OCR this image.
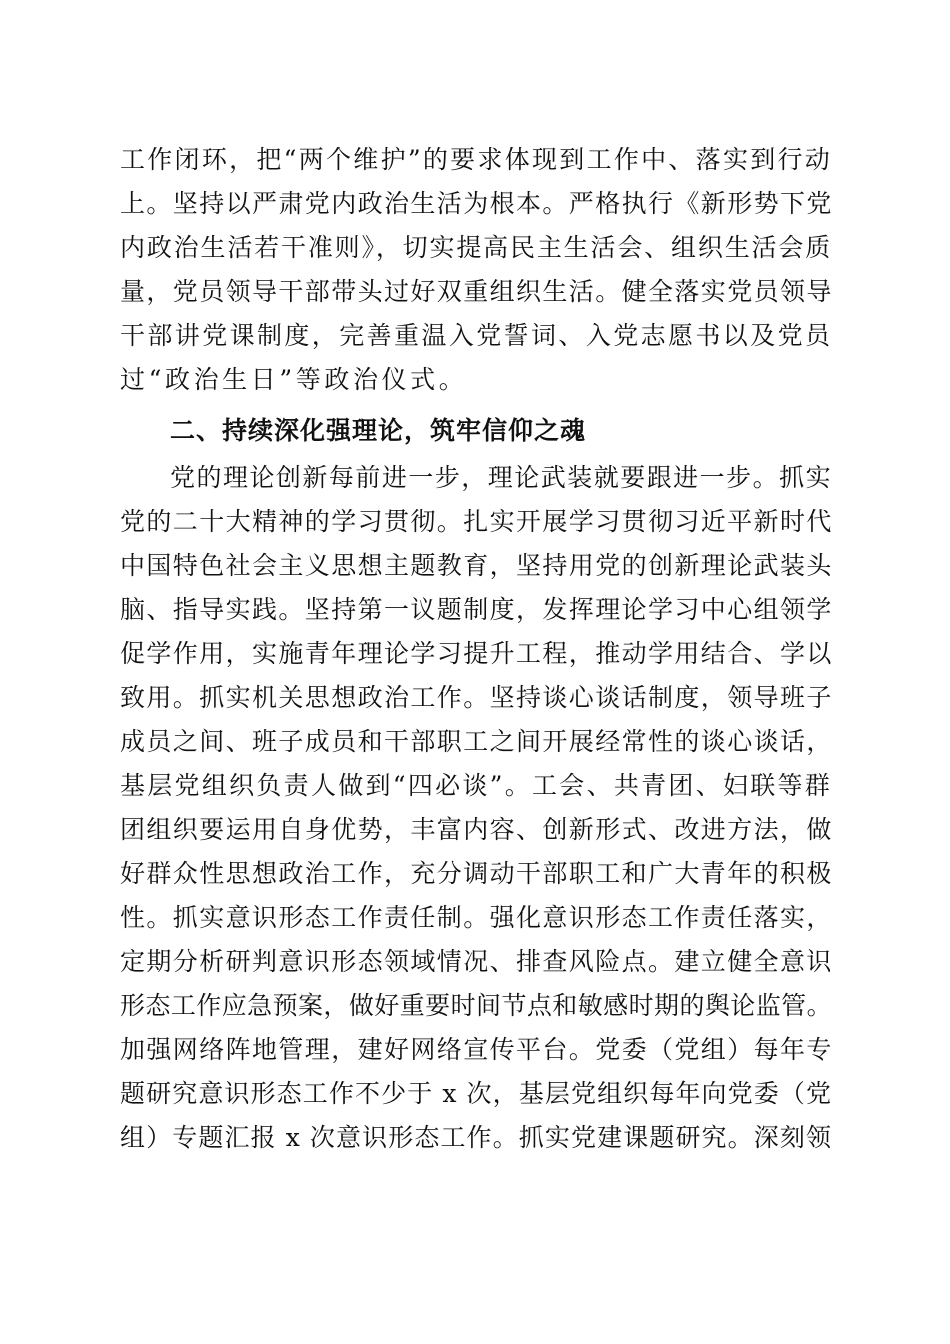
工作闭环，把“两个维护”的要求体现到工作中、落实到行动
上。坚持以严肃党内政治生活为根本。严格执行《新形势下党
内政治生活若干准则》，切实提高民主生活会、组织生活会质
量，党员领导干部带头过好双重组织生活。健全落实党员领导
干部讲党课制度，完善重温入党誓词、入党志愿书以及党员
过“政治生日”等政治仪式。
二、持续深化强理论，筑牢信仰之魂
党的理论创新每前进一步，理论武装就要跟进一步。抓实
党的二十大精神的学习贯彻。扎实开展学习贯彻习近平新时代
中国特色社会主义思想主题教育，坚持用党的创新理论武装头
脑、指导实践。坚持第一议题制度，发挥理论学习中心组领学
促学作用，实施青年理论学习提升工程，推动学用结合、学以
致用。抓实机关思想政治工作。坚持谈心谈话制度，领导班子
成员之间、班子成员和干部职工之间开展经常性的谈心谈话，
基层党组织负责人做到“四必谈”。工会、共青团、妇联等群
团组织要运用自身优势，丰富内容、创新形式、改进方法，做
好群众性思想政治工作，充分调动干部职工和广大青年的积极
性。抓实意识形态工作责任制。强化意识形态工作责任落实，
定期分析研判意识形态领域情况、排查风险点。建立健全意识
形态工作应急预案，做好重要时间节点和敏感时期的舆论监管。
加强网络阵地管理，建好网络宣传平台。党委（党组）每年专
题研究意识形态工作不少于 x 次，基层党组织每年向党委（党
组）专题汇报 x 次意识形态工作。抓实党建课题研究。深刻领
